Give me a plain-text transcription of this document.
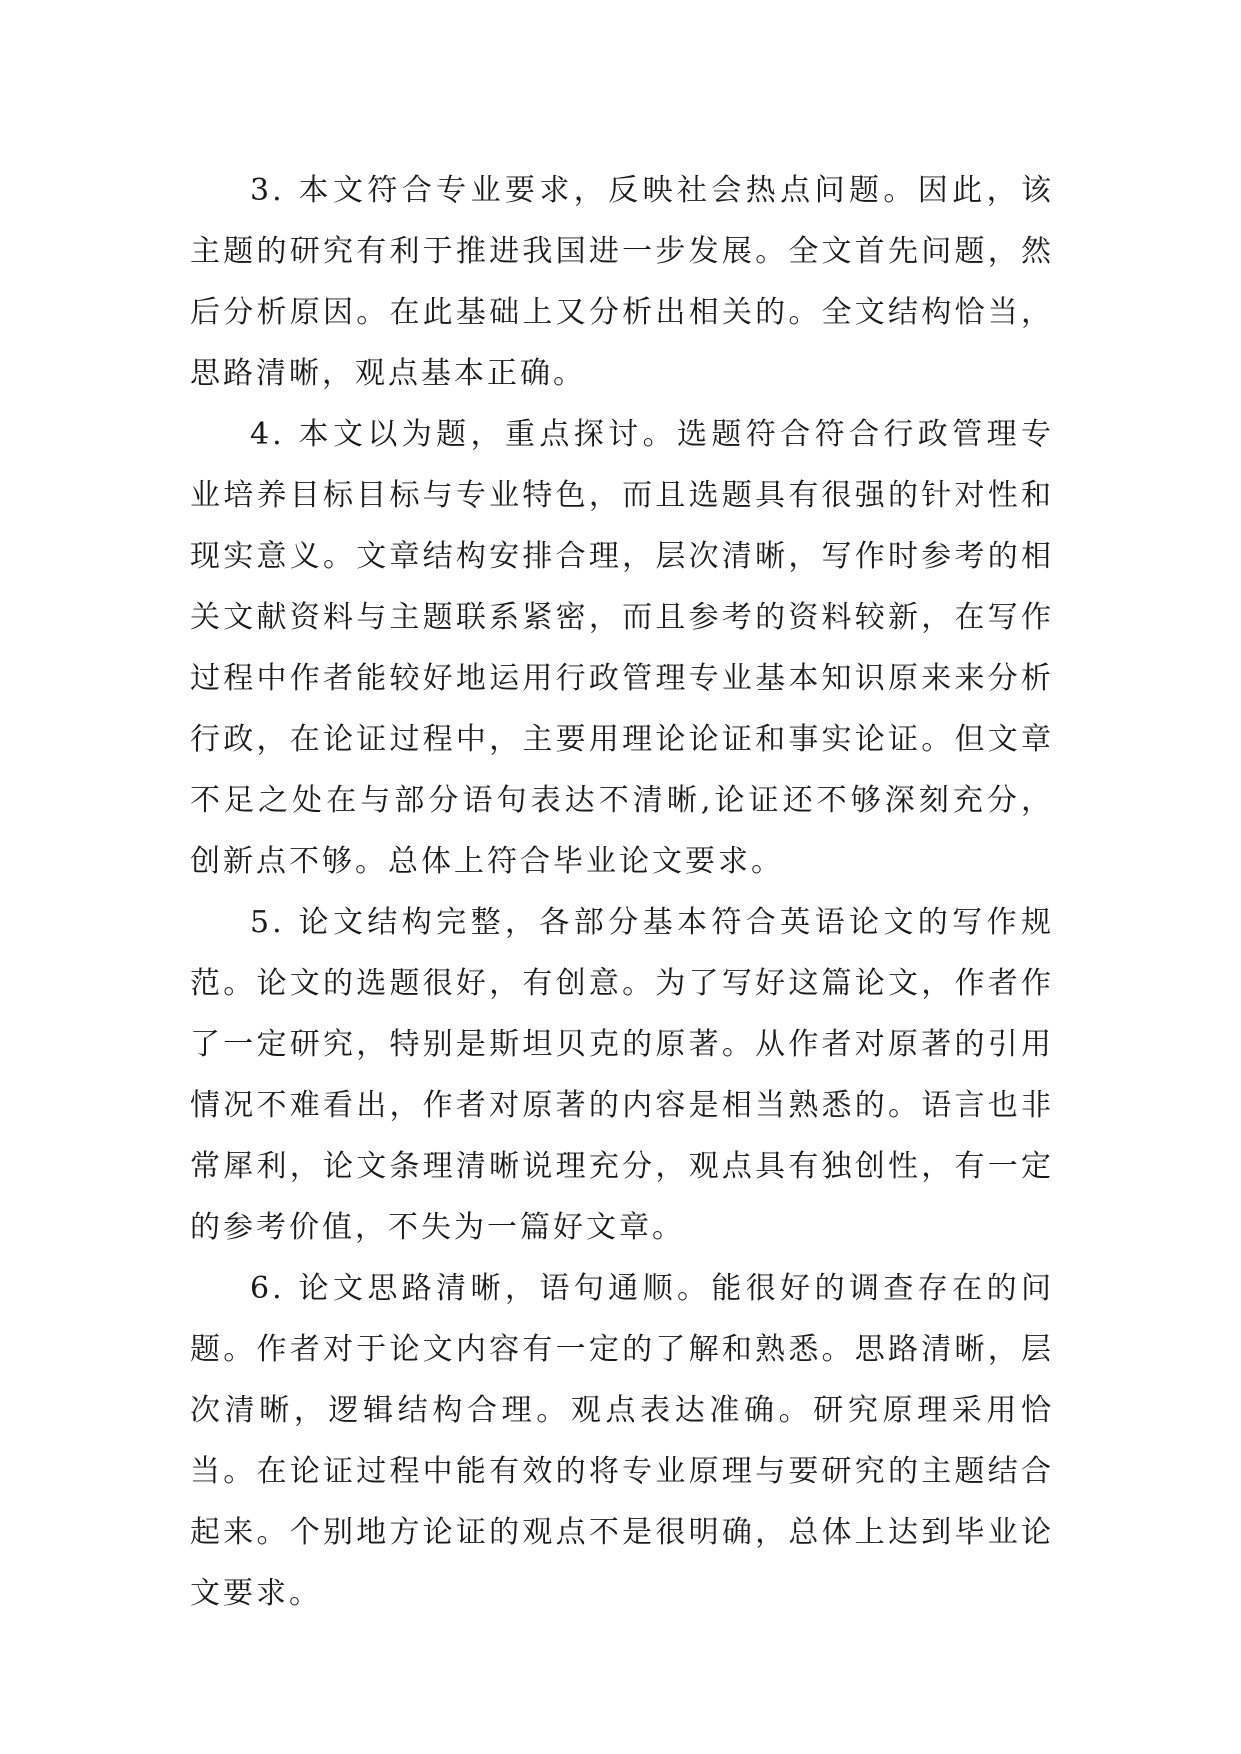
3. 本文符合专业要求，反映社会热点问题。因此，该主题的研究有利于推进我国进一步发展。全文首先问题，然后分析原因。在此基础上又分析出相关的。全文结构恰当，思路清晰，观点基本正确。

4. 本文以为题，重点探讨。选题符合符合行政管理专业培养目标目标与专业特色，而且选题具有很强的针对性和现实意义。文章结构安排合理，层次清晰，写作时参考的相关文献资料与主题联系紧密，而且参考的资料较新，在写作过程中作者能较好地运用行政管理专业基本知识原来来分析行政，在论证过程中，主要用理论论证和事实论证。但文章不足之处在与部分语句表达不清晰,论证还不够深刻充分，创新点不够。总体上符合毕业论文要求。

5. 论文结构完整，各部分基本符合英语论文的写作规范。论文的选题很好，有创意。为了写好这篇论文，作者作了一定研究，特别是斯坦贝克的原著。从作者对原著的引用情况不难看出，作者对原著的内容是相当熟悉的。语言也非常犀利，论文条理清晰说理充分，观点具有独创性，有一定的参考价值，不失为一篇好文章。

6. 论文思路清晰，语句通顺。能很好的调查存在的问题。作者对于论文内容有一定的了解和熟悉。思路清晰，层次清晰，逻辑结构合理。观点表达准确。研究原理采用恰当。在论证过程中能有效的将专业原理与要研究的主题结合起来。个别地方论证的观点不是很明确，总体上达到毕业论文要求。
